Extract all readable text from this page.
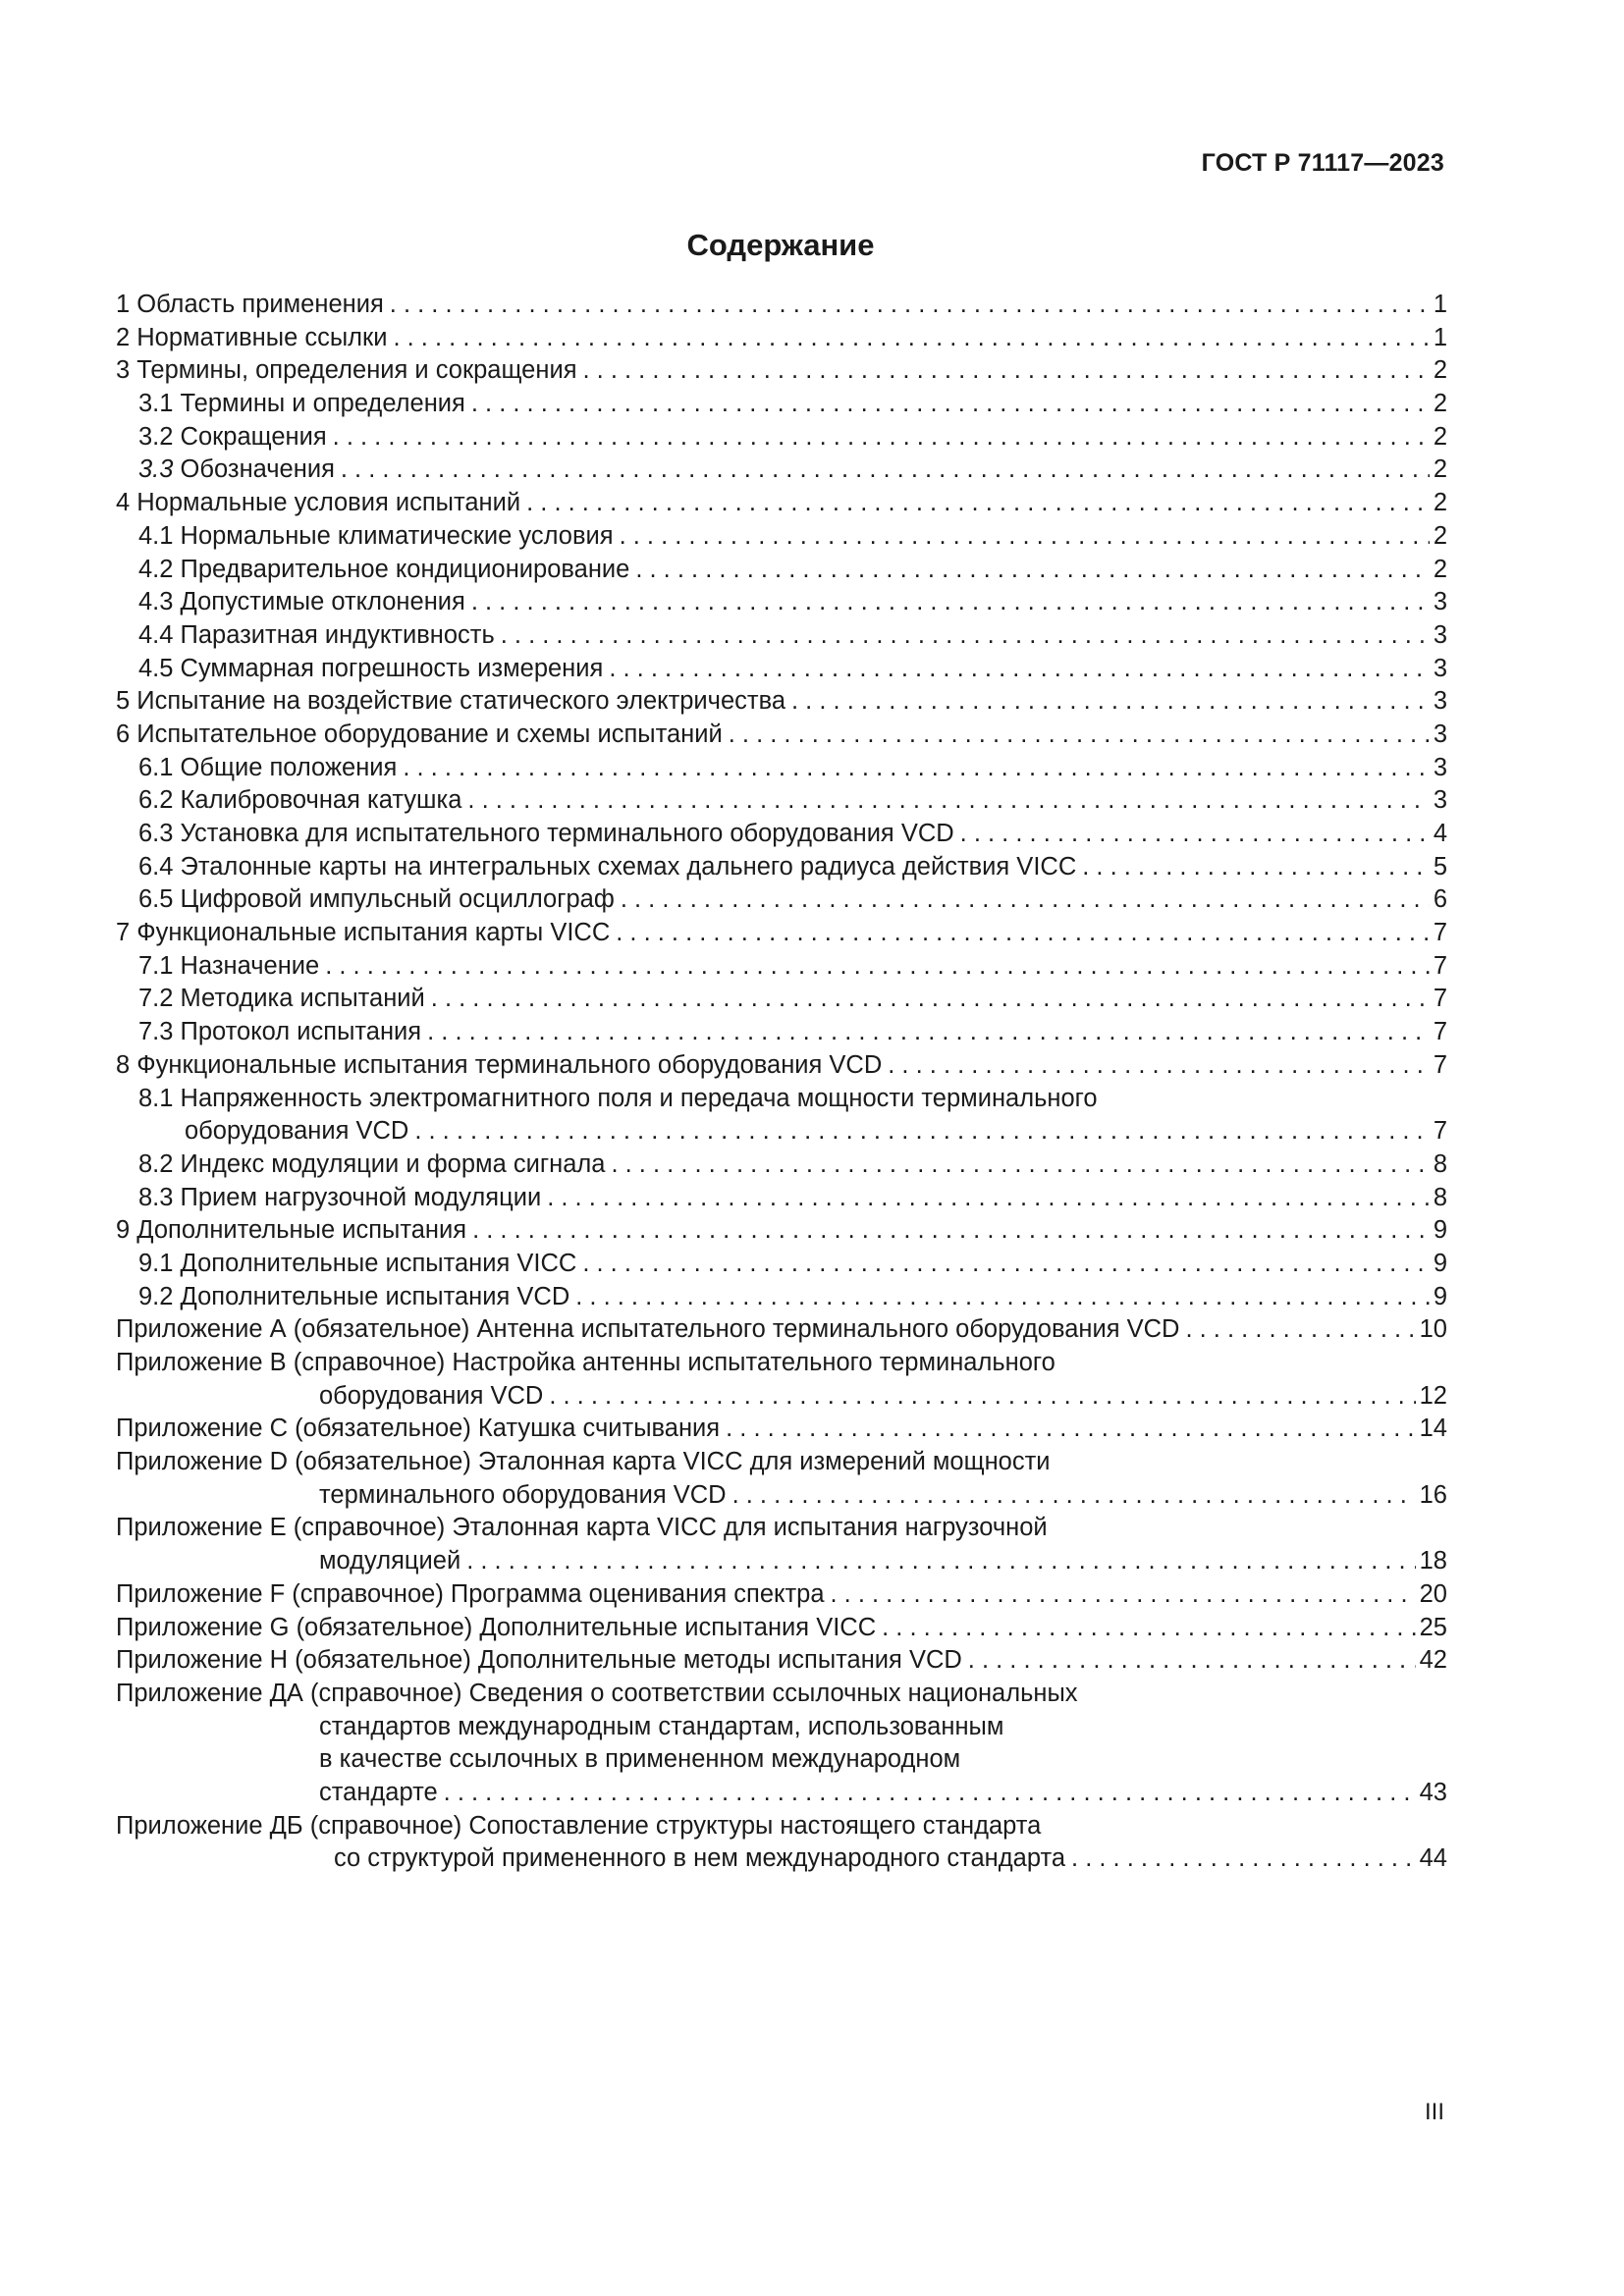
ГОСТ Р 71117—2023
Содержание
1 Область применения . . .	1
2 Нормативные ссылки . . .	1
3 Термины, определения и сокращения . . .	2
3.1 Термины и определения . . .	2
3.2 Сокращения . . .	2
3.3 Обозначения . . .	2
4 Нормальные условия испытаний . . .	2
4.1 Нормальные климатические условия . . .	2
4.2 Предварительное кондиционирование . . .	2
4.3 Допустимые отклонения . . .	3
4.4 Паразитная индуктивность . . .	3
4.5 Суммарная погрешность измерения . . .	3
5 Испытание на воздействие статического электричества . . .	3
6 Испытательное оборудование и схемы испытаний . . .	3
6.1 Общие положения . . .	3
6.2 Калибровочная катушка . . .	3
6.3 Установка для испытательного терминального оборудования VCD . . .	4
6.4 Эталонные карты на интегральных схемах дальнего радиуса действия VICC . . .	5
6.5 Цифровой импульсный осциллограф . . .	6
7 Функциональные испытания карты VICC . . .	7
7.1 Назначение . . .	7
7.2 Методика испытаний . . .	7
7.3 Протокол испытания . . .	7
8 Функциональные испытания терминального оборудования VCD . . .	7
8.1 Напряженность электромагнитного поля и передача мощности терминального
оборудования VCD . . .	7
8.2 Индекс модуляции и форма сигнала . . .	8
8.3 Прием нагрузочной модуляции . . .	8
9 Дополнительные испытания . . .	9
9.1 Дополнительные испытания VICC . . .	9
9.2 Дополнительные испытания VCD . . .	9
Приложение А (обязательное) Антенна испытательного терминального оборудования VCD . . .	10
Приложение В (справочное) Настройка антенны испытательного терминального
оборудования VCD . . .	12
Приложение С (обязательное) Катушка считывания . . .	14
Приложение D (обязательное) Эталонная карта VICC для измерений мощности
терминального оборудования VCD . . .	16
Приложение E (справочное) Эталонная карта VICC для испытания нагрузочной
модуляцией . . .	18
Приложение F (справочное) Программа оценивания спектра . . .	20
Приложение G (обязательное) Дополнительные испытания VICC . . .	25
Приложение H (обязательное) Дополнительные методы испытания VCD . . .	42
Приложение ДА (справочное) Сведения о соответствии ссылочных национальных
стандартов международным стандартам, использованным
в качестве ссылочных в примененном международном
стандарте . . .	43
Приложение ДБ (справочное) Сопоставление структуры настоящего стандарта
со структурой примененного в нем международного стандарта . . .	44
III
